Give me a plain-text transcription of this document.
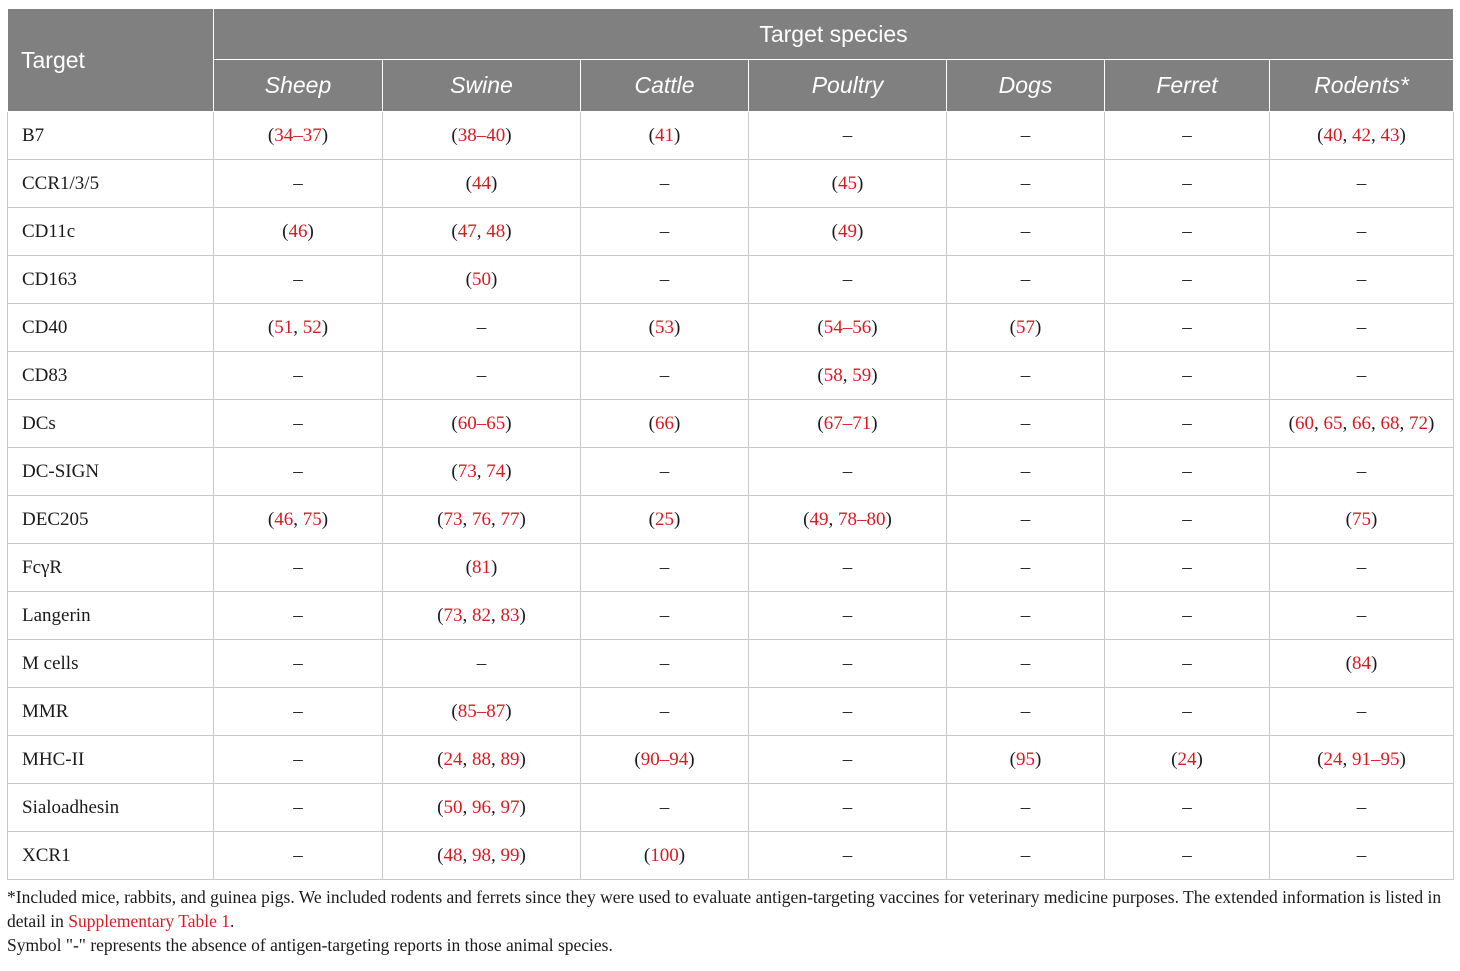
Target	Target species						
	Sheep	Swine	Cattle	Poultry	Dogs	Ferret	Rodents*
B7	(34–37)	(38–40)	(41)	–	–	–	(40, 42, 43)
CCR1/3/5	–	(44)	–	(45)	–	–	–
CD11c	(46)	(47, 48)	–	(49)	–	–	–
CD163	–	(50)	–	–	–	–	–
CD40	(51, 52)	–	(53)	(54–56)	(57)	–	–
CD83	–	–	–	(58, 59)	–	–	–
DCs	–	(60–65)	(66)	(67–71)	–	–	(60, 65, 66, 68, 72)
DC-SIGN	–	(73, 74)	–	–	–	–	–
DEC205	(46, 75)	(73, 76, 77)	(25)	(49, 78–80)	–	–	(75)
FcγR	–	(81)	–	–	–	–	–
Langerin	–	(73, 82, 83)	–	–	–	–	–
M cells	–	–	–	–	–	–	(84)
MMR	–	(85–87)	–	–	–	–	–
MHC-II	–	(24, 88, 89)	(90–94)	–	(95)	(24)	(24, 91–95)
Sialoadhesin	–	(50, 96, 97)	–	–	–	–	–
XCR1	–	(48, 98, 99)	(100)	–	–	–	–

*Included mice, rabbits, and guinea pigs. We included rodents and ferrets since they were used to evaluate antigen-targeting vaccines for veterinary medicine purposes. The extended information is listed in detail in Supplementary Table 1.

Symbol "-" represents the absence of antigen-targeting reports in those animal species.
